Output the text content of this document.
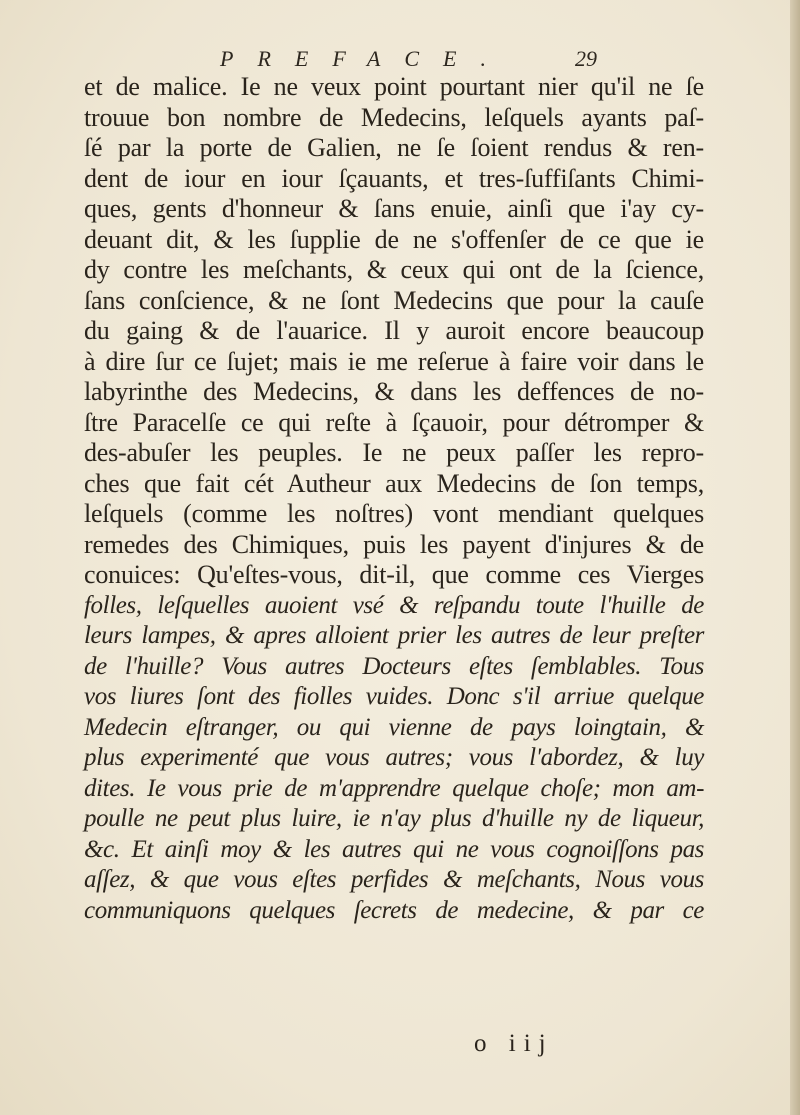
PREFACE.	29
et de malice. Ie ne veux point pourtant nier qu'il ne ſe
trouue bon nombre de Medecins, leſquels ayants paſ-
ſé par la porte de Galien, ne ſe ſoient rendus & ren-
dent de iour en iour ſçauants, et tres-ſuffiſants Chimi-
ques, gents d'honneur & ſans enuie, ainſi que i'ay cy-
deuant dit, & les ſupplie de ne s'offenſer de ce que ie
dy contre les meſchants, & ceux qui ont de la ſcience,
ſans conſcience, & ne ſont Medecins que pour la cauſe
du gaing & de l'auarice. Il y auroit encore beaucoup
à dire ſur ce ſujet; mais ie me reſerue à faire voir dans le
labyrinthe des Medecins, & dans les deffences de no-
ſtre Paracelſe ce qui reſte à ſçauoir, pour détromper &
des-abuſer les peuples. Ie ne peux paſſer les repro-
ches que fait cét Autheur aux Medecins de ſon temps,
leſquels (comme les noſtres) vont mendiant quelques
remedes des Chimiques, puis les payent d'injures & de
conuices: Qu'eſtes-vous, dit-il, que comme ces Vierges
folles, leſquelles auoient vsé & reſpandu toute l'huille de
leurs lampes, & apres alloient prier les autres de leur preſter
de l'huille? Vous autres Docteurs eſtes ſemblables. Tous
vos liures ſont des fiolles vuides. Donc s'il arriue quelque
Medecin eſtranger, ou qui vienne de pays loingtain, &
plus experimenté que vous autres; vous l'abordez, & luy
dites. Ie vous prie de m'apprendre quelque choſe; mon am-
poulle ne peut plus luire, ie n'ay plus d'huille ny de liqueur,
&c. Et ainſi moy & les autres qui ne vous cognoiſſons pas
aſſez, & que vous eſtes perfides & meſchants, Nous vous
communiquons quelques ſecrets de medecine, & par ce
o iij
